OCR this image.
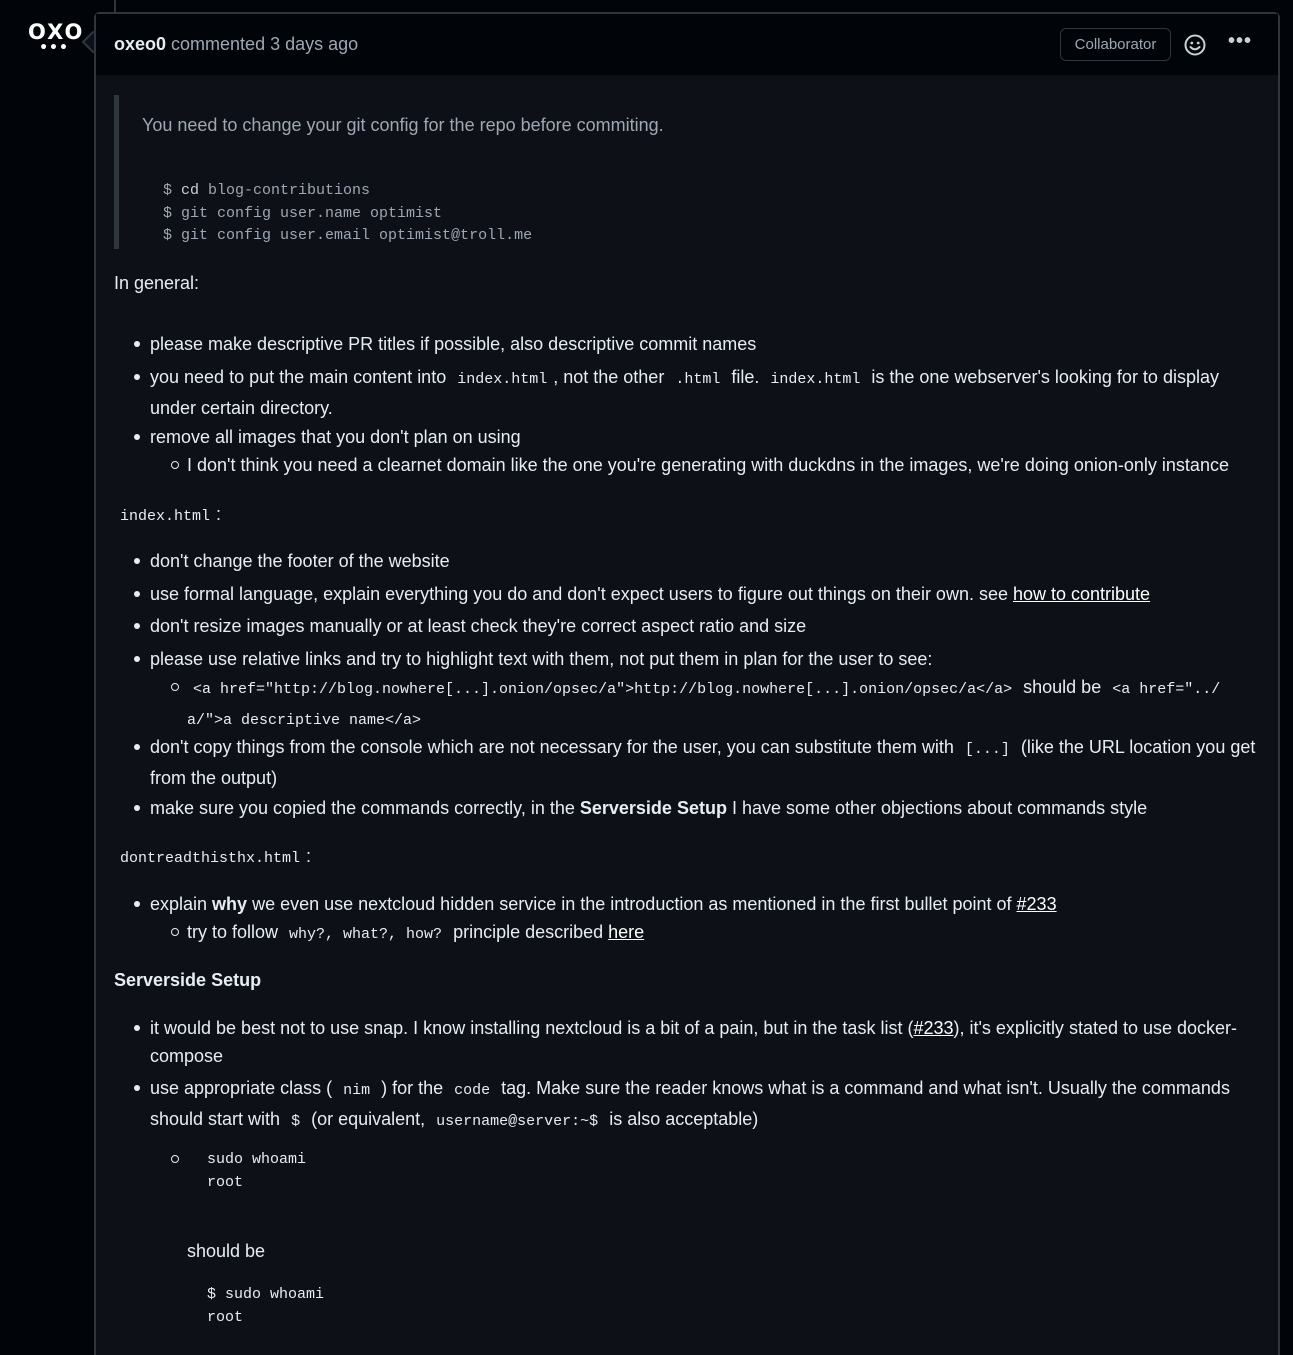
OXO
•••	oxeo0 commented 3 days ago	Collaborator	•••
You need to change your git config for the repo before commiting.
$ cd blog-contributions
$ git config user.name optimist
$ git config user.email optimist@troll.me
In general:
please make descriptive PR titles if possible, also descriptive commit names
you need to put the main content into index.html , not the other .html file. index.html is the one webserver's looking for to display
under certain directory.
remove all images that you don't plan on using
I don't think you need a clearnet domain like the one you're generating with duckdns in the images, we're doing onion-only instance
index.html :
don't change the footer of the website
use formal language, explain everything you do and don't expect users to figure out things on their own. see how to contribute
don't resize images manually or at least check they're correct aspect ratio and size
please use relative links and try to highlight text with them, not put them in plan for the user to see:
<a href="http://blog.nowhere[...].onion/opsec/a">http://blog.nowhere[...].onion/opsec/a</a> should be <a href="../
a/">a descriptive name</a>
don't copy things from the console which are not necessary for the user, you can substitute them with [...] (like the URL location you get
from the output)
make sure you copied the commands correctly, in the Serverside Setup I have some other objections about commands style
dontreadthisthx.html :
explain why we even use nextcloud hidden service in the introduction as mentioned in the first bullet point of #233
try to follow why?, what?, how? principle described here
Serverside Setup
it would be best not to use snap. I know installing nextcloud is a bit of a pain, but in the task list (#233), it's explicitly stated to use docker-
compose
use appropriate class ( nim ) for the code tag. Make sure the reader knows what is a command and what isn't. Usually the commands
should start with $ (or equivalent, username@server:~$ is also acceptable)
sudo whoami
root
should be
$ sudo whoami
root
